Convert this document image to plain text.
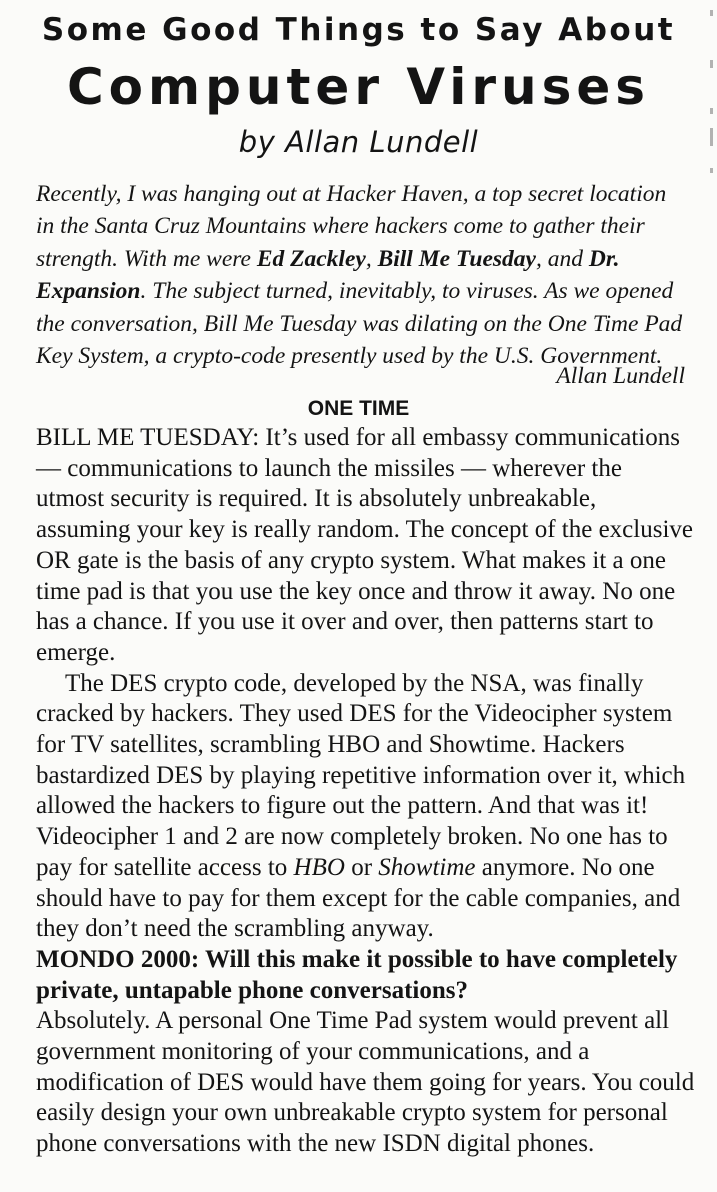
Some Good Things to Say About
Computer Viruses
by Allan Lundell

Recently, I was hanging out at Hacker Haven, a top secret location in the Santa Cruz Mountains where hackers come to gather their strength. With me were Ed Zackley, Bill Me Tuesday, and Dr. Expansion. The subject turned, inevitably, to viruses. As we opened the conversation, Bill Me Tuesday was dilating on the One Time Pad Key System, a crypto-code presently used by the U.S. Government.

Allan Lundell
ONE TIME

BILL ME TUESDAY: It’s used for all embassy communications — communications to launch the missiles — wherever the utmost security is required. It is absolutely unbreakable, assuming your key is really random. The concept of the exclusive OR gate is the basis of any crypto system. What makes it a one time pad is that you use the key once and throw it away. No one has a chance. If you use it over and over, then patterns start to emerge.

The DES crypto code, developed by the NSA, was finally cracked by hackers. They used DES for the Videocipher system for TV satellites, scrambling HBO and Showtime. Hackers bastardized DES by playing repetitive information over it, which allowed the hackers to figure out the pattern. And that was it! Videocipher 1 and 2 are now completely broken. No one has to pay for satellite access to HBO or Showtime anymore. No one should have to pay for them except for the cable companies, and they don’t need the scrambling anyway.

MONDO 2000: Will this make it possible to have completely private, untapable phone conversations?

Absolutely. A personal One Time Pad system would prevent all government monitoring of your communications, and a modification of DES would have them going for years. You could easily design your own unbreakable crypto system for personal phone conversations with the new ISDN digital phones.
